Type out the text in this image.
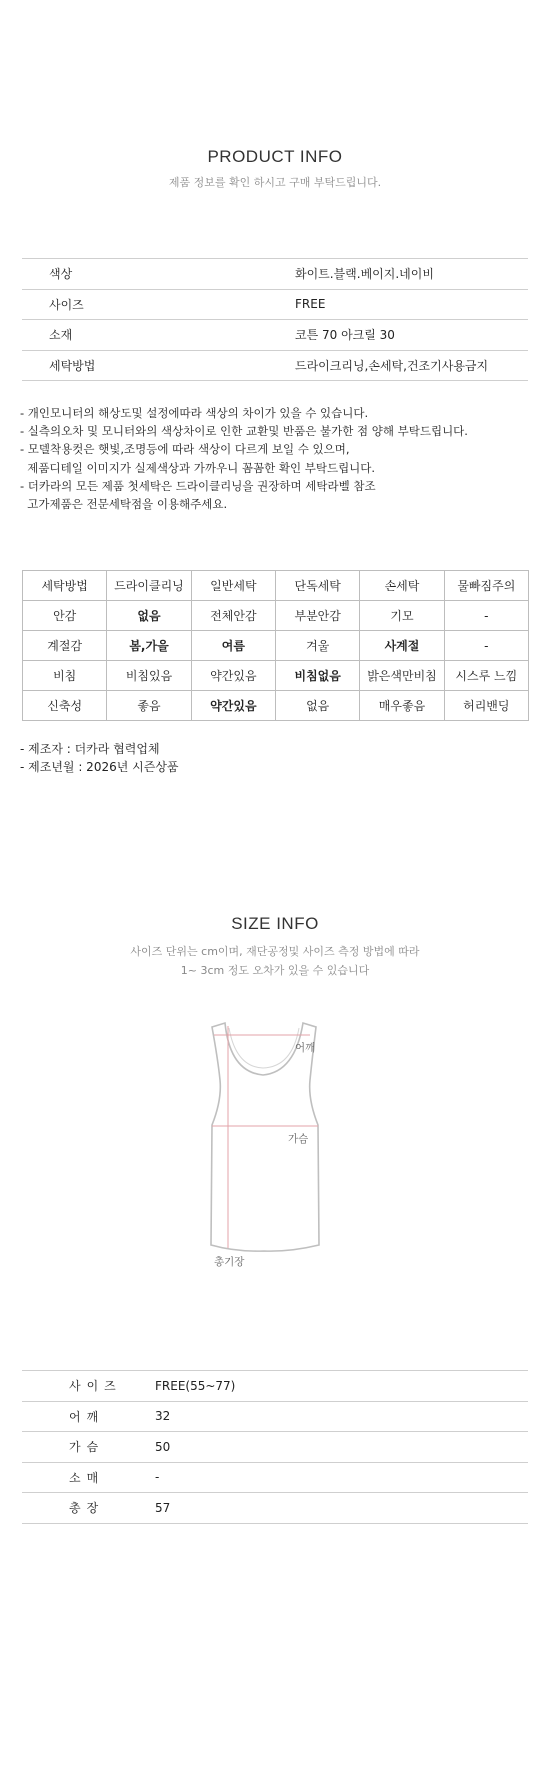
PRODUCT INFO
제품 정보를 확인 하시고 구매 부탁드립니다.
색상	화이트.블랙.베이지.네이비
사이즈	FREE
소재	코튼 70 아크릴 30
세탁방법	드라이크리닝,손세탁,건조기사용금지
- 개인모니터의 해상도및 설정에따라 색상의 차이가 있을 수 있습니다.
- 실측의오차 및 모니터와의 색상차이로 인한 교환및 반품은 불가한 점 양해 부탁드립니다.
- 모델착용컷은 햇빛,조명등에 따라 색상이 다르게 보일 수 있으며,
제품디테일 이미지가 실제색상과 가까우니 꼼꼼한 확인 부탁드립니다.
- 더카라의 모든 제품 첫세탁은 드라이클리닝을 권장하며 세탁라벨 참조
고가제품은 전문세탁점을 이용해주세요.
세탁방법	드라이클리닝	일반세탁	단독세탁	손세탁	물빠짐주의
안감	없음	전체안감	부분안감	기모	-
계절감	봄,가을	여름	겨울	사계절	-
비침	비침있음	약간있음	비침없음	밝은색만비침	시스루 느낌
신축성	좋음	약간있음	없음	매우좋음	허리밴딩
- 제조자 : 더카라 협력업체
- 제조년월 : 2026년 시즌상품
SIZE INFO
사이즈 단위는 cm이며, 재단공정및 사이즈 측정 방법에 따라
1~ 3cm 정도 오차가 있을 수 있습니다
어깨
가슴
총기장
사이즈	FREE(55~77)
어깨	32
가슴	50
소매	-
총장	57
